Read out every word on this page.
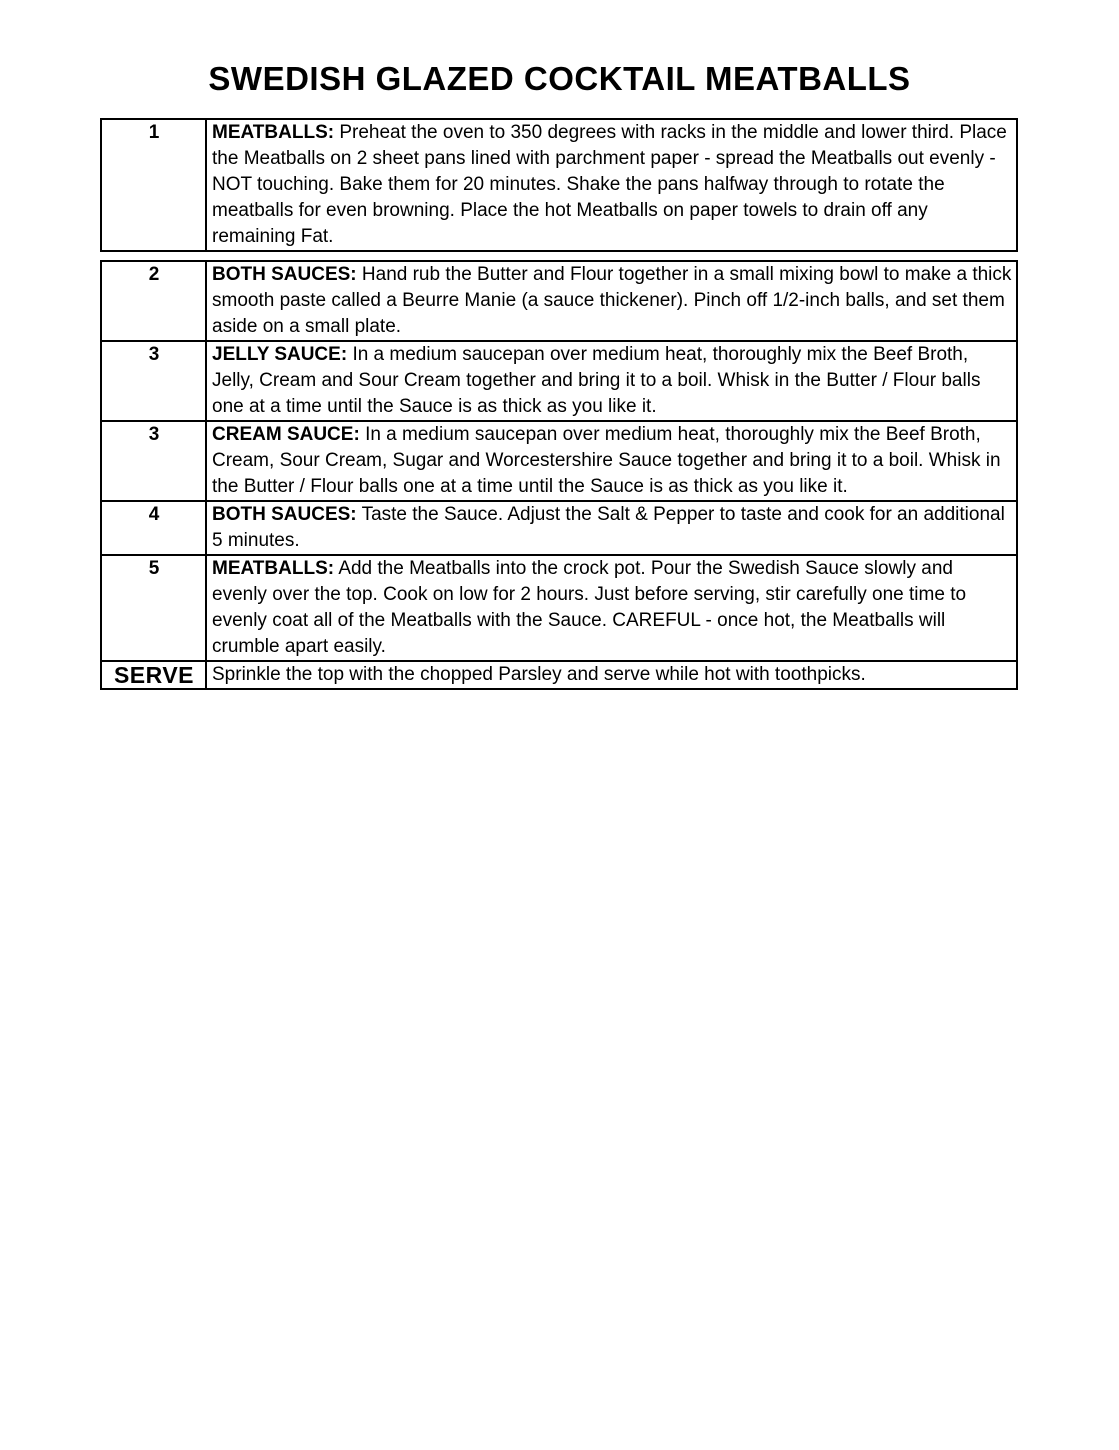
SWEDISH GLAZED COCKTAIL MEATBALLS
1	MEATBALLS: Preheat the oven to 350 degrees with racks in the middle and lower third. Place the Meatballs on 2 sheet pans lined with parchment paper - spread the Meatballs out evenly - NOT touching. Bake them for 20 minutes. Shake the pans halfway through to rotate the meatballs for even browning. Place the hot Meatballs on paper towels to drain off any remaining Fat.
2	BOTH SAUCES: Hand rub the Butter and Flour together in a small mixing bowl to make a thick smooth paste called a Beurre Manie (a sauce thickener). Pinch off 1/2-inch balls, and set them aside on a small plate.
3	JELLY SAUCE: In a medium saucepan over medium heat, thoroughly mix the Beef Broth, Jelly, Cream and Sour Cream together and bring it to a boil. Whisk in the Butter / Flour balls one at a time until the Sauce is as thick as you like it.
3	CREAM SAUCE: In a medium saucepan over medium heat, thoroughly mix the Beef Broth, Cream, Sour Cream, Sugar and Worcestershire Sauce together and bring it to a boil. Whisk in the Butter / Flour balls one at a time until the Sauce is as thick as you like it.
4	BOTH SAUCES: Taste the Sauce. Adjust the Salt & Pepper to taste and cook for an additional 5 minutes.
5	MEATBALLS: Add the Meatballs into the crock pot. Pour the Swedish Sauce slowly and evenly over the top. Cook on low for 2 hours. Just before serving, stir carefully one time to evenly coat all of the Meatballs with the Sauce. CAREFUL - once hot, the Meatballs will crumble apart easily.
SERVE	Sprinkle the top with the chopped Parsley and serve while hot with toothpicks.
